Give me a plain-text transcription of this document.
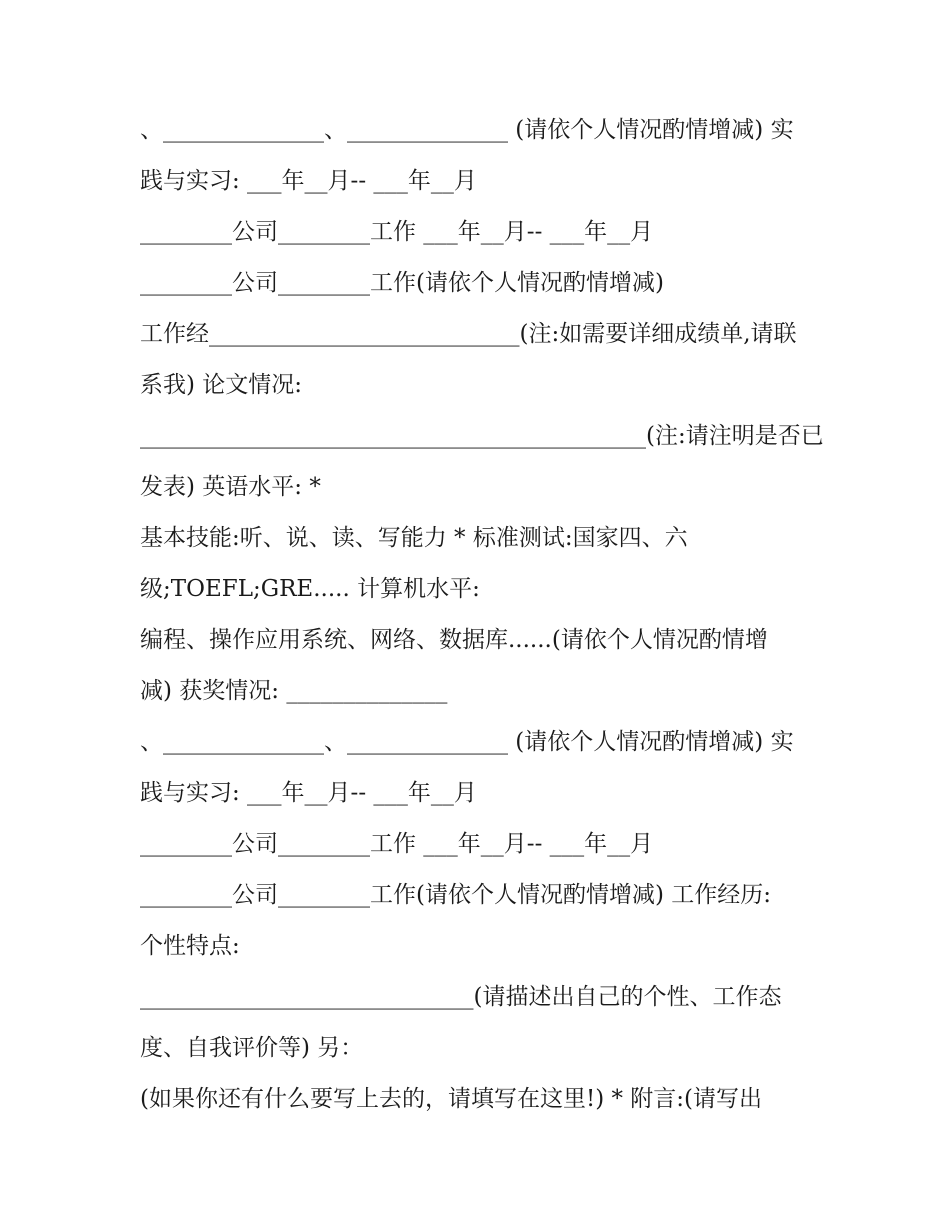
、______________、______________ (请依个人情况酌情增减) 实
践与实习: ___年__月-- ___年__月
________公司________工作 ___年__月-- ___年__月
________公司________工作(请依个人情况酌情增减)
工作经___________________________(注:如需要详细成绩单,请联
系我) 论文情况:
____________________________________________(注:请注明是否已
发表) 英语水平: *
基本技能:听、说、读、写能力 * 标准测试:国家四、六
级;TOEFL;GRE..... 计算机水平:
编程、操作应用系统、网络、数据库......(请依个人情况酌情增
减) 获奖情况: ______________
、______________、______________ (请依个人情况酌情增减) 实
践与实习: ___年__月-- ___年__月
________公司________工作 ___年__月-- ___年__月
________公司________工作(请依个人情况酌情增减) 工作经历:
个性特点:
_____________________________(请描述出自己的个性、工作态
度、自我评价等) 另：
(如果你还有什么要写上去的，请填写在这里!) * 附言:(请写出
